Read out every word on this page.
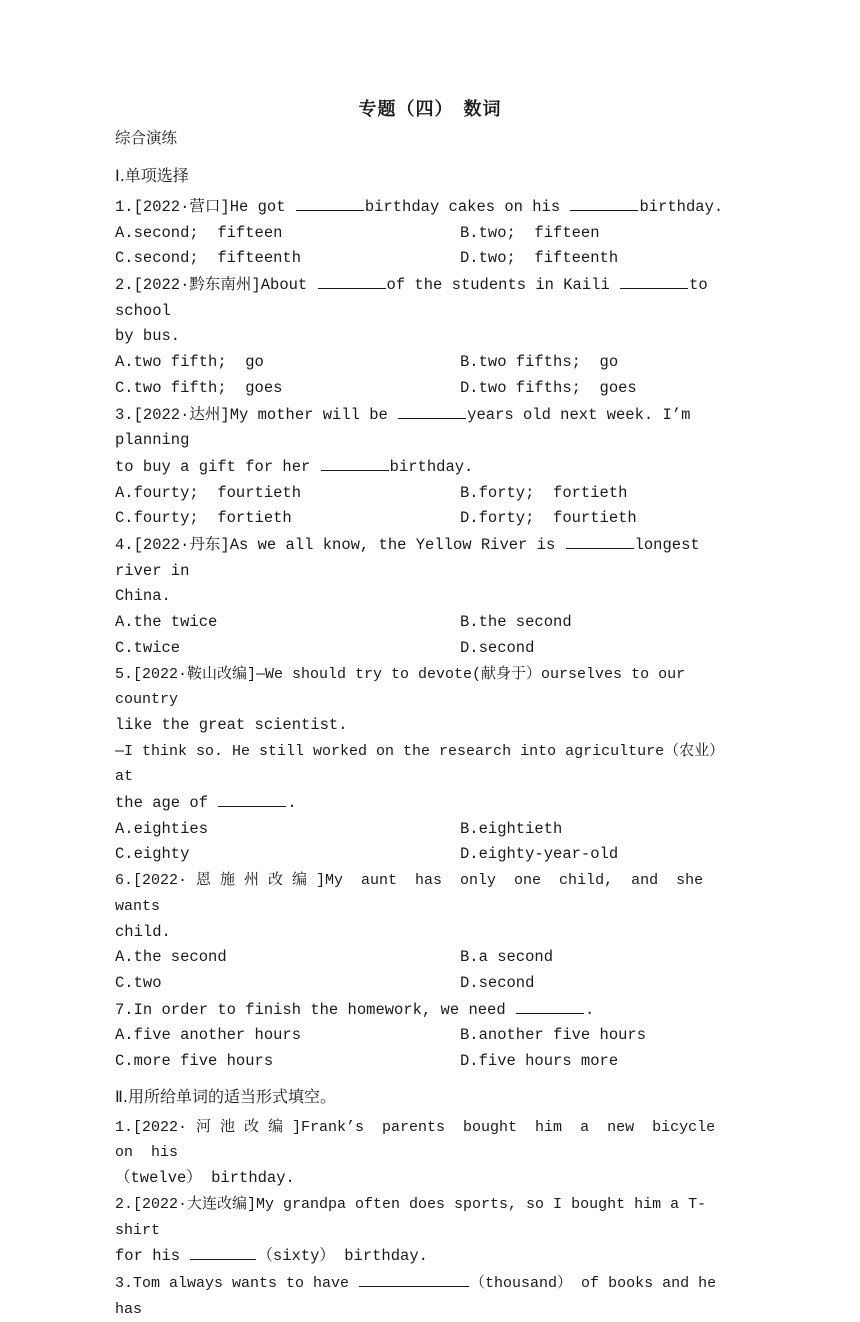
专题（四）　数词
综合演练
Ⅰ.单项选择
1.[2022·营口]He got	birthday cakes on his	birthday.
A.second;  fifteen	B.two;  fifteen
C.second;  fifteenth	D.two;  fifteenth
2.[2022·黔东南州]About	of the students in Kaili	to school
by bus.
A.two fifth;  go	B.two fifths;  go
C.two fifth;  goes	D.two fifths;  goes
3.[2022·达州]My mother will be	years old next week. I’m planning
to buy a gift for her	birthday.
A.fourty;  fourtieth	B.forty;  fortieth
C.fourty;  fortieth	D.forty;  fourtieth
4.[2022·丹东]As we all know, the Yellow River is	longest river in
China.
A.the twice	B.the second
C.twice	D.second
5.[2022·鞍山改编]—We should try to devote(献身于）ourselves to our country
like the great scientist.
—I think so. He still worked on the research into agriculture（农业） at
the age of	.
A.eighties	B.eightieth
C.eighty	D.eighty-year-old
6.[2022· 恩 施 州 改 编 ]My  aunt  has  only  one  child,  and  she  wants
child.
A.the second	B.a second
C.two	D.second
7.In order to finish the homework, we need	.
A.five another hours	B.another five hours
C.more five hours	D.five hours more
Ⅱ.用所给单词的适当形式填空。
1.[2022· 河 池 改 编 ]Frank’s  parents  bought  him  a  new  bicycle  on  his
（twelve） birthday.
2.[2022·大连改编]My grandpa often does sports, so I bought him a T-shirt
for his	（sixty） birthday.
3.Tom always wants to have	（thousand） of books and he has
